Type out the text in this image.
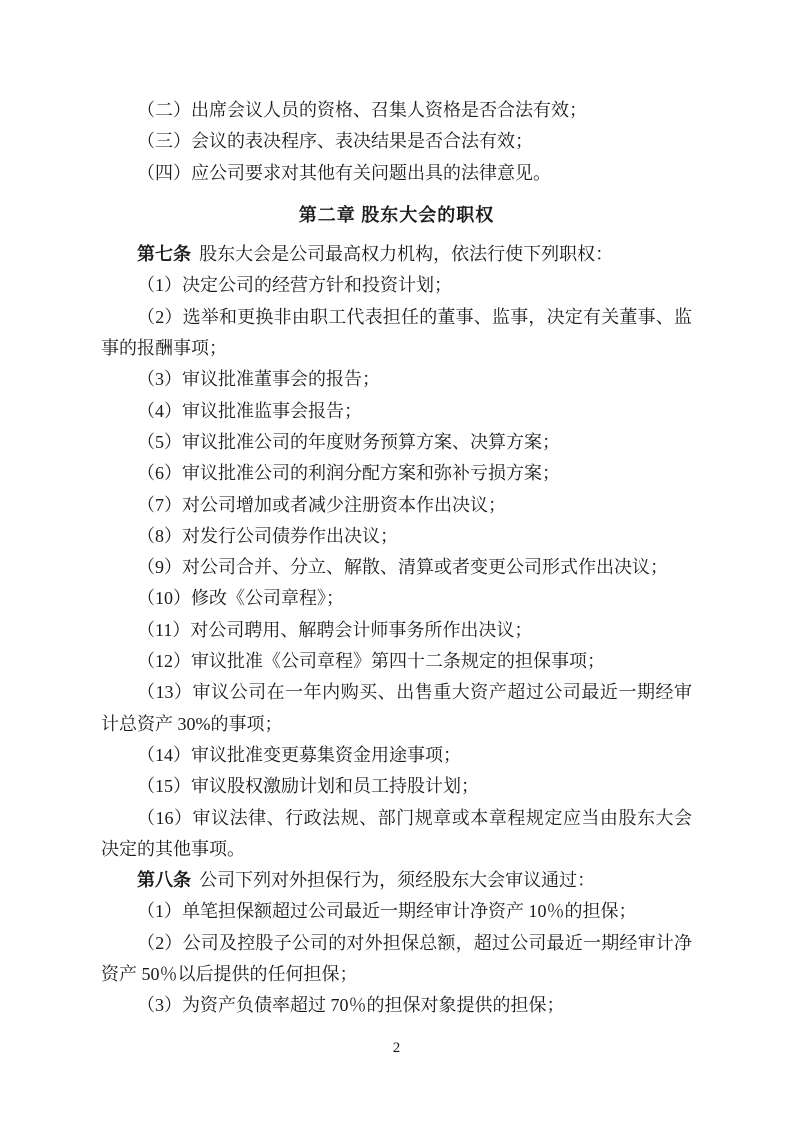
（二）出席会议人员的资格、召集人资格是否合法有效；

（三）会议的表决程序、表决结果是否合法有效；

（四）应公司要求对其他有关问题出具的法律意见。

第二章 股东大会的职权

第七条 股东大会是公司最高权力机构，依法行使下列职权：

（1）决定公司的经营方针和投资计划；

（2）选举和更换非由职工代表担任的董事、监事，决定有关董事、监事的报酬事项；

（3）审议批准董事会的报告；

（4）审议批准监事会报告；

（5）审议批准公司的年度财务预算方案、决算方案；

（6）审议批准公司的利润分配方案和弥补亏损方案；

（7）对公司增加或者减少注册资本作出决议；

（8）对发行公司债券作出决议；

（9）对公司合并、分立、解散、清算或者变更公司形式作出决议；

（10）修改《公司章程》；

（11）对公司聘用、解聘会计师事务所作出决议；

（12）审议批准《公司章程》第四十二条规定的担保事项；

（13）审议公司在一年内购买、出售重大资产超过公司最近一期经审计总资产 30%的事项；

（14）审议批准变更募集资金用途事项；

（15）审议股权激励计划和员工持股计划；

（16）审议法律、行政法规、部门规章或本章程规定应当由股东大会决定的其他事项。

第八条 公司下列对外担保行为，须经股东大会审议通过：

（1）单笔担保额超过公司最近一期经审计净资产 10％的担保；

（2）公司及控股子公司的对外担保总额，超过公司最近一期经审计净资产 50％以后提供的任何担保；

（3）为资产负债率超过 70％的担保对象提供的担保；

2
